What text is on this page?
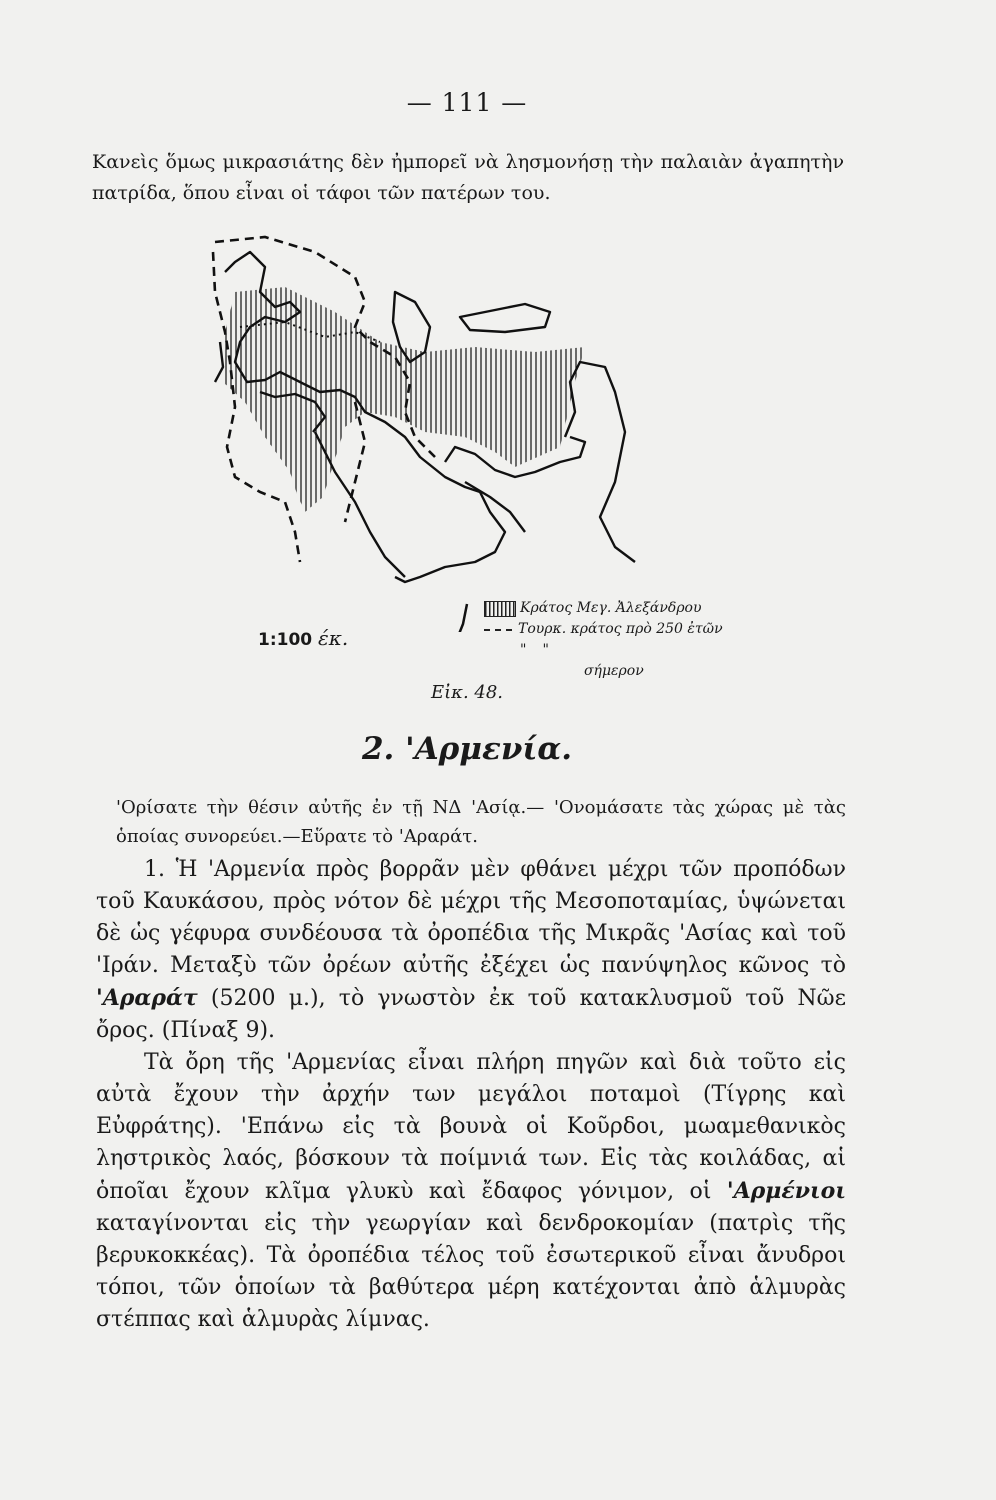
— 111 —
Κανεὶς ὅμως μικρασιάτης δὲν ἠμπορεῖ νὰ λησμονήσῃ τὴν παλαιὰν ἀγαπητὴν πατρίδα, ὅπου εἶναι οἱ τάφοι τῶν πατέρων του.
1:100 έκ.
Κράτος Μεγ. Ἀλεξάνδρου
Τουρκ. κράτος πρὸ 250 ἐτῶν
" "
σήμερον
Εἰκ. 48.
2. 'Αρμενία.
'Ορίσατε τὴν θέσιν αὐτῆς ἐν τῇ ΝΔ 'Ασίᾳ.— 'Ονομάσατε τὰς χώρας μὲ τὰς ὁποίας συνορεύει.—Εὕρατε τὸ 'Αραράτ.

1. Ἡ 'Αρμενία πρὸς βορρᾶν μὲν φθάνει μέχρι τῶν προπόδων τοῦ Καυκάσου, πρὸς νότον δὲ μέχρι τῆς Μεσοποταμίας, ὑψώνεται δὲ ὡς γέφυρα συνδέουσα τὰ ὀροπέδια τῆς Μικρᾶς 'Ασίας καὶ τοῦ 'Ιράν. Μεταξὺ τῶν ὀρέων αὐτῆς ἐξέχει ὡς πανύψηλος κῶνος τὸ 'Αραράτ (5200 μ.), τὸ γνωστὸν ἐκ τοῦ κατακλυσμοῦ τοῦ Νῶε ὄρος. (Πίναξ 9).

Τὰ ὄρη τῆς 'Αρμενίας εἶναι πλήρη πηγῶν καὶ διὰ τοῦτο εἰς αὐτὰ ἔχουν τὴν ἀρχήν των μεγάλοι ποταμοὶ (Τίγρης καὶ Εὐφράτης). 'Επάνω εἰς τὰ βουνὰ οἱ Κοῦρδοι, μωαμεθανικὸς ληστρικὸς λαός, βόσκουν τὰ ποίμνιά των. Εἰς τὰς κοιλάδας, αἱ ὁποῖαι ἔχουν κλῖμα γλυκὺ καὶ ἔδαφος γόνιμον, οἱ 'Αρμένιοι καταγίνονται εἰς τὴν γεωργίαν καὶ δενδροκομίαν (πατρὶς τῆς βερυκοκκέας). Τὰ ὀροπέδια τέλος τοῦ ἐσωτερικοῦ εἶναι ἄνυδροι τόποι, τῶν ὁποίων τὰ βαθύτερα μέρη κατέχονται ἀπὸ ἁλμυρὰς στέππας καὶ ἁλμυρὰς λίμνας.
